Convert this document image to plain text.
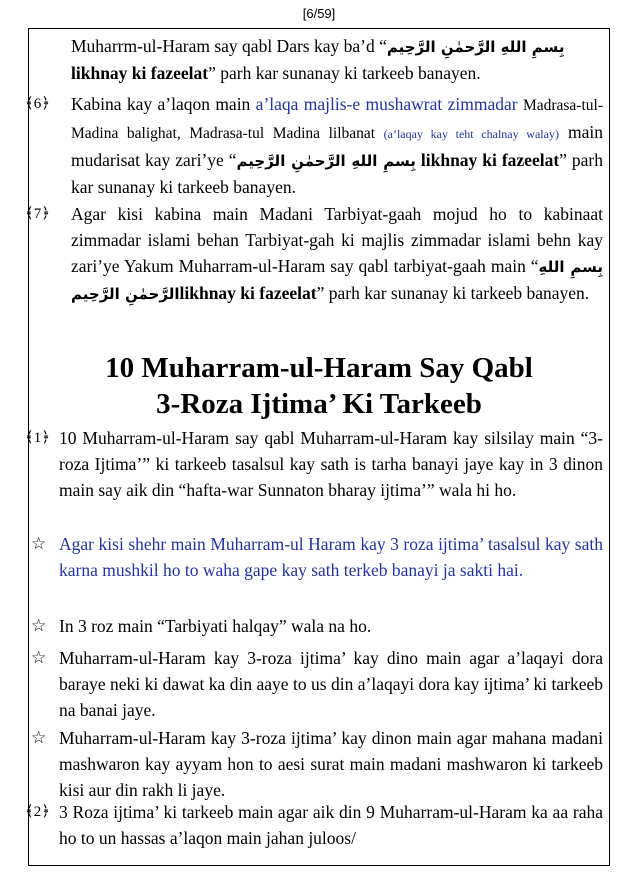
[6/59]
Muharrm-ul-Haram say qabl Dars kay ba’d “بِسمِ اللهِ الرَّحمٰنِ الرَّحِیم
likhnay ki fazeelat” parh kar sunanay ki tarkeeb banayen.
﴾6﴿ Kabina kay a’laqon main a’laqa majlis-e mushawrat zimmadar Madrasa-tul-Madina balighat, Madrasa-tul Madina lilbanat (a’laqay kay teht chalnay walay) main mudarisat kay zari’ye “بِسمِ اللهِ الرَّحمٰنِ الرَّحِیم likhnay ki fazeelat” parh kar sunanay ki tarkeeb banayen.
﴾7﴿ Agar kisi kabina main Madani Tarbiyat-gaah mojud ho to kabinaat zimmadar islami behan Tarbiyat-gah ki majlis zimmadar islami behn kay zari’ye Yakum Muharram-ul-Haram say qabl tarbiyat-gaah main “بِسمِ اللهِ الرَّحمٰنِ الرَّحِیمlikhnay ki fazeelat” parh kar sunanay ki tarkeeb banayen.
10 Muharram-ul-Haram Say Qabl
3-Roza Ijtima’ Ki Tarkeeb
﴾1﴿ 10 Muharram-ul-Haram say qabl Muharram-ul-Haram kay silsilay main “3-roza Ijtima’” ki tarkeeb tasalsul kay sath is tarha banayi jaye kay in 3 dinon main say aik din “hafta-war Sunnaton bharay ijtima’” wala hi ho.
☆ Agar kisi shehr main Muharram-ul Haram kay 3 roza ijtima’ tasalsul kay sath karna mushkil ho to waha gape kay sath terkeb banayi ja sakti hai.
☆ In 3 roz main “Tarbiyati halqay” wala na ho.
☆ Muharram-ul-Haram kay 3-roza ijtima’ kay dino main agar a’laqayi dora baraye neki ki dawat ka din aaye to us din a’laqayi dora kay ijtima’ ki tarkeeb na banai jaye.
☆ Muharram-ul-Haram kay 3-roza ijtima’ kay dinon main agar mahana madani mashwaron kay ayyam hon to aesi surat main madani mashwaron ki tarkeeb kisi aur din rakh li jaye.
﴾2﴿ 3 Roza ijtima’ ki tarkeeb main agar aik din 9 Muharram-ul-Haram ka aa raha ho to un hassas a’laqon main jahan juloos/
